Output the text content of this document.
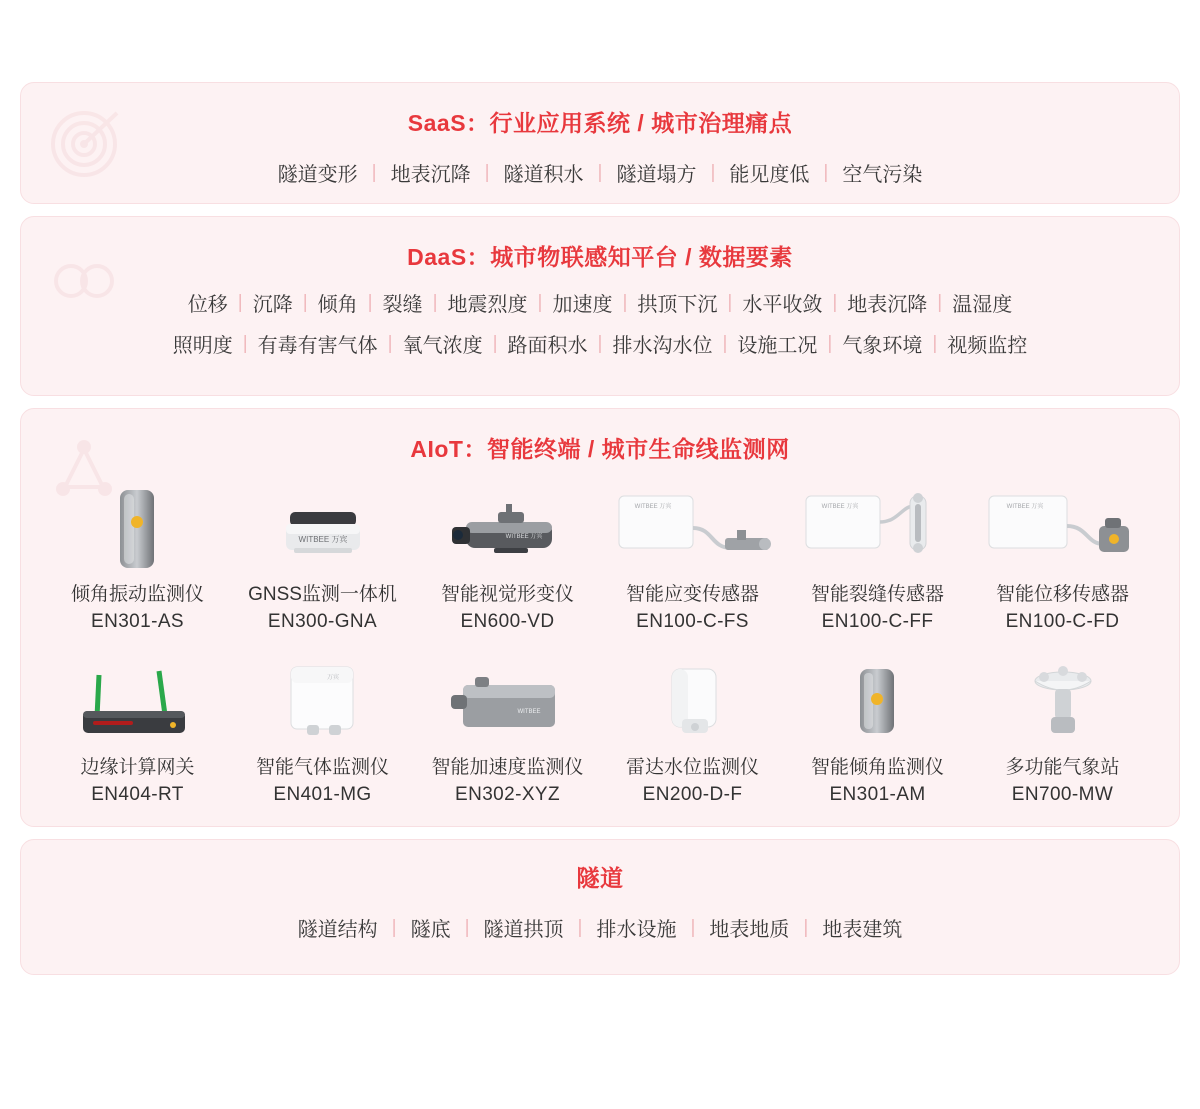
SaaS：行业应用系统 / 城市治理痛点
隧道变形 | 地表沉降 | 隧道积水 | 隧道塌方 | 能见度低 | 空气污染
DaaS：城市物联感知平台 / 数据要素
位移 | 沉降 | 倾角 | 裂缝 | 地震烈度 | 加速度 | 拱顶下沉 | 水平收敛 | 地表沉降 | 温湿度
照明度 | 有毒有害气体 | 氧气浓度 | 路面积水 | 排水沟水位 | 设施工况 | 气象环境 | 视频监控
AIoT：智能终端 / 城市生命线监测网
倾角振动监测仪
EN301-AS
WITBEE 万宾
GNSS监测一体机
EN300-GNA
WITBEE 万宾
智能视觉形变仪
EN600-VD
WITBEE 万宾
智能应变传感器
EN100-C-FS
WITBEE 万宾
智能裂缝传感器
EN100-C-FF
WITBEE 万宾
智能位移传感器
EN100-C-FD
边缘计算网关
EN404-RT
万宾
智能气体监测仪
EN401-MG
WITBEE
智能加速度监测仪
EN302-XYZ
雷达水位监测仪
EN200-D-F
智能倾角监测仪
EN301-AM
多功能气象站
EN700-MW
隧道
隧道结构 | 隧底 | 隧道拱顶 | 排水设施 | 地表地质 | 地表建筑
